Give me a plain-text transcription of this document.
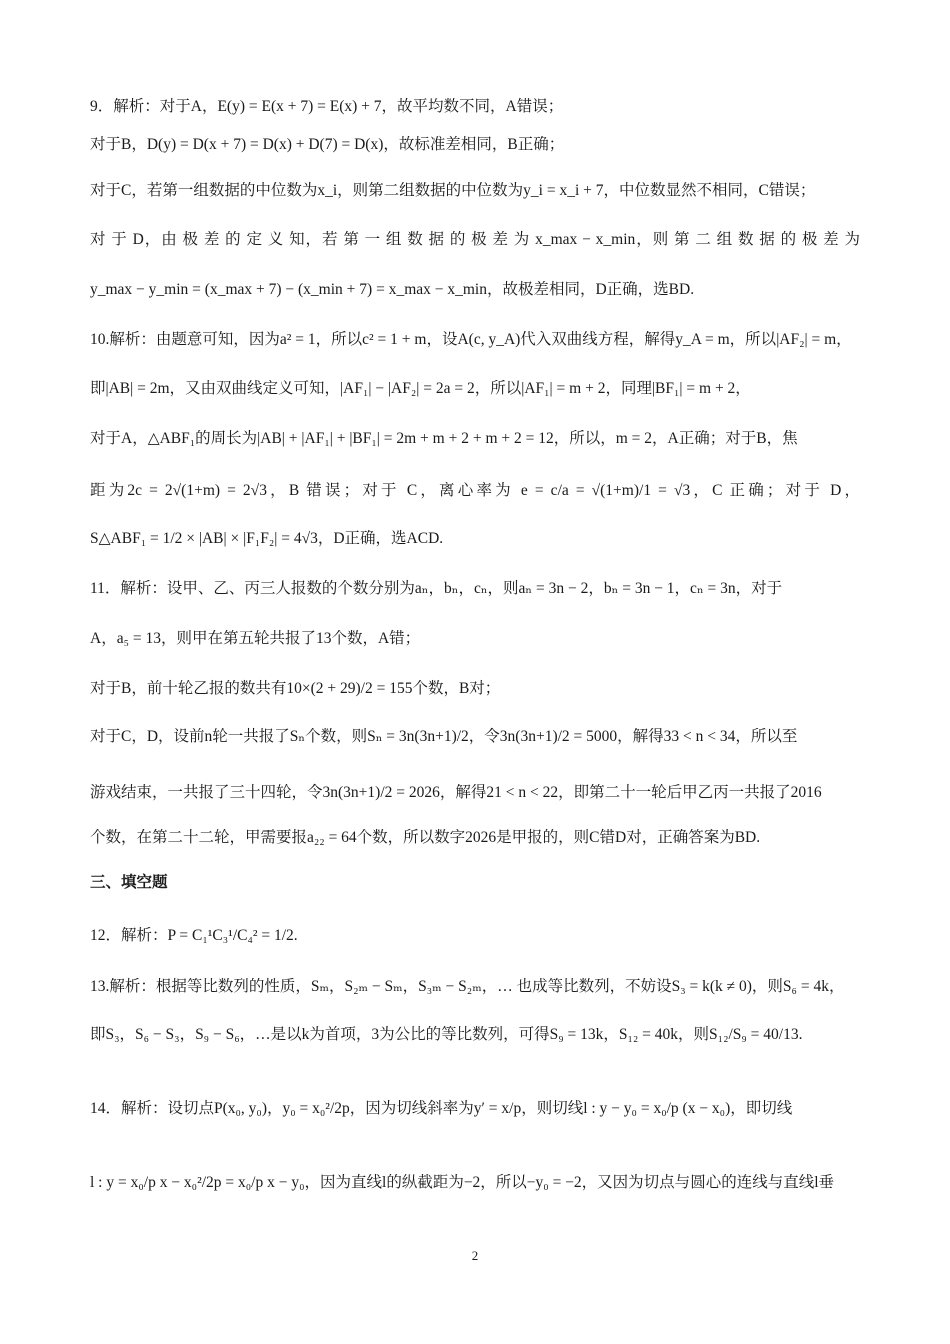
9．解析：对于A，E(y) = E(x + 7) = E(x) + 7，故平均数不同，A错误；
对于B，D(y) = D(x + 7) = D(x) + D(7) = D(x)，故标准差相同，B正确；
对于C，若第一组数据的中位数为x_i，则第二组数据的中位数为y_i = x_i + 7，中位数显然不相同，C错误；
对 于 D，由 极 差 的 定 义 知，若 第 一 组 数 据 的 极 差 为 x_max − x_min，则 第 二 组 数 据 的 极 差 为
y_max − y_min = (x_max + 7) − (x_min + 7) = x_max − x_min，故极差相同，D正确，选BD.
10.解析：由题意可知，因为a² = 1，所以c² = 1 + m，设A(c, y_A)代入双曲线方程，解得y_A = m，所以|AF₂| = m，
即|AB| = 2m，又由双曲线定义可知，|AF₁| − |AF₂| = 2a = 2，所以|AF₁| = m + 2，同理|BF₁| = m + 2，
对于A，△ABF₁的周长为|AB| + |AF₁| + |BF₁| = 2m + m + 2 + m + 2 = 12，所以，m = 2，A正确；对于B，焦
距为2c = 2√(1+m) = 2√3，B 错误；对于 C，离心率为 e = c/a = √(1+m)/1 = √3，C 正确；对于 D，
S△ABF₁ = 1/2 × |AB| × |F₁F₂| = 4√3，D正确，选ACD.
11．解析：设甲、乙、丙三人报数的个数分别为aₙ，bₙ，cₙ，则aₙ = 3n − 2，bₙ = 3n − 1，cₙ = 3n，对于
A，a₅ = 13，则甲在第五轮共报了13个数，A错；
对于B，前十轮乙报的数共有10×(2 + 29)/2 = 155个数，B对；
对于C，D，设前n轮一共报了Sₙ个数，则Sₙ = 3n(3n+1)/2，令3n(3n+1)/2 = 5000，解得33 < n < 34，所以至
游戏结束，一共报了三十四轮，令3n(3n+1)/2 = 2026，解得21 < n < 22，即第二十一轮后甲乙丙一共报了2016
个数，在第二十二轮，甲需要报a₂₂ = 64个数，所以数字2026是甲报的，则C错D对，正确答案为BD.
三、填空题
12．解析：P = C₁¹C₃¹/C₄² = 1/2.
13.解析：根据等比数列的性质，Sₘ，S₂ₘ − Sₘ，S₃ₘ − S₂ₘ，… 也成等比数列，不妨设S₃ = k(k ≠ 0)，则S₆ = 4k，
即S₃，S₆ − S₃，S₉ − S₆，…是以k为首项，3为公比的等比数列，可得S₉ = 13k，S₁₂ = 40k，则S₁₂/S₉ = 40/13.
14．解析：设切点P(x₀, y₀)，y₀ = x₀²/2p，因为切线斜率为y′ = x/p，则切线l : y − y₀ = x₀/p (x − x₀)，即切线
l : y = x₀/p x − x₀²/2p = x₀/p x − y₀，因为直线l的纵截距为−2，所以−y₀ = −2，又因为切点与圆心的连线与直线l垂
2
